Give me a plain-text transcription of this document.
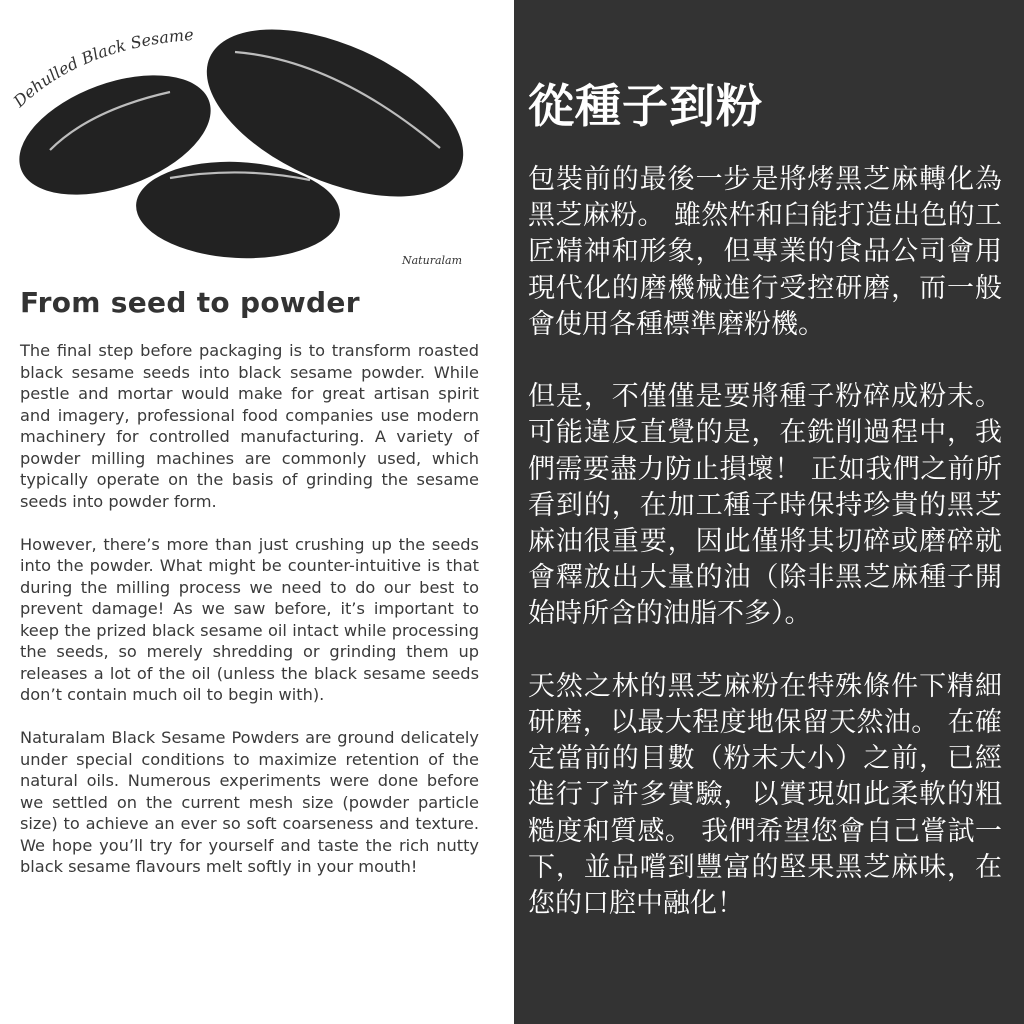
Dehulled Black Sesame
Naturalam
From seed to powder

The final step before packaging is to transform roasted black sesame seeds into black sesame powder. While pestle and mortar would make for great artisan spirit and imagery, professional food companies use modern machinery for controlled manufacturing. A variety of powder milling machines are commonly used, which typically operate on the basis of grinding the sesame seeds into powder form.

However, there’s more than just crushing up the seeds into the powder. What might be counter-intuitive is that during the milling process we need to do our best to prevent damage! As we saw before, it’s important to keep the prized black sesame oil intact while processing the seeds, so merely shredding or grinding them up releases a lot of the oil (unless the black sesame seeds don’t contain much oil to begin with).

Naturalam Black Sesame Powders are ground delicately under special conditions to maximize retention of the natural oils. Numerous experiments were done before we settled on the current mesh size (powder particle size) to achieve an ever so soft coarseness and texture. We hope you’ll try for yourself and taste the rich nutty black sesame flavours melt softly in your mouth!

從種子到粉

包裝前的最後一步是將烤黑芝麻轉化為黑芝麻粉。 雖然杵和臼能打造出色的工匠精神和形象，但專業的食品公司會用現代化的磨機械進行受控研磨，而一般會使用各種標準磨粉機。

但是，不僅僅是要將種子粉碎成粉末。 可能違反直覺的是，在銑削過程中，我們需要盡力防止損壞！ 正如我們之前所看到的，在加工種子時保持珍貴的黑芝麻油很重要，因此僅將其切碎或磨碎就會釋放出大量的油（除非黑芝麻種子開始時所含的油脂不多）。

天然之林的黑芝麻粉在特殊條件下精細研磨，以最大程度地保留天然油。 在確定當前的目數（粉末大小）之前，已經進行了許多實驗，以實現如此柔軟的粗糙度和質感。 我們希望您會自己嘗試一下，並品嚐到豐富的堅果黑芝麻味，在您的口腔中融化！
